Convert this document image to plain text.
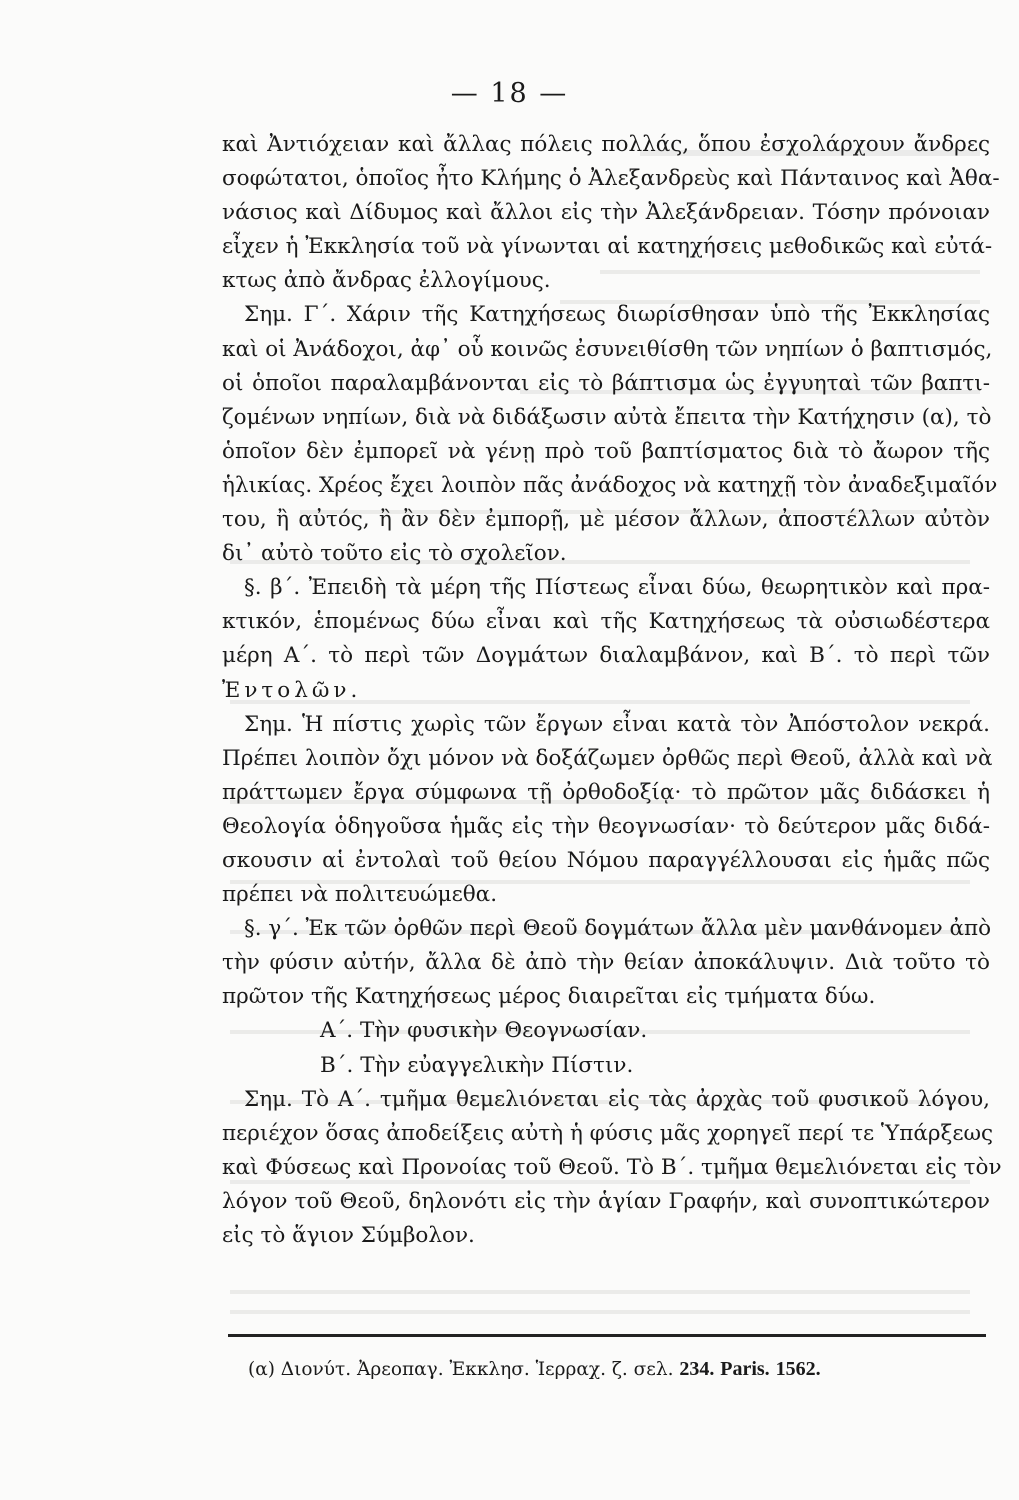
— 18 —
καὶ Ἀντιόχειαν καὶ ἄλλας πόλεις πολλάς, ὅπου ἐσχολάρχουν ἄνδρες
σοφώτατοι, ὁποῖος ἦτο Κλήμης ὁ Ἀλεξανδρεὺς καὶ Πάνταινος καὶ Ἀθα-
νάσιος καὶ Δίδυμος καὶ ἄλλοι εἰς τὴν Ἀλεξάνδρειαν. Τόσην πρόνοιαν
εἶχεν ἡ Ἐκκλησία τοῦ νὰ γίνωνται αἱ κατηχήσεις μεθοδικῶς καὶ εὐτά-
κτως ἀπὸ ἄνδρας ἐλλογίμους.
Σημ. Γ΄. Χάριν τῆς Κατηχήσεως διωρίσθησαν ὑπὸ τῆς Ἐκκλησίας
καὶ οἱ Ἀνάδοχοι, ἀφ᾽ οὗ κοινῶς ἐσυνειθίσθη τῶν νηπίων ὁ βαπτισμός,
οἱ ὁποῖοι παραλαμβάνονται εἰς τὸ βάπτισμα ὡς ἐγγυηταὶ τῶν βαπτι-
ζομένων νηπίων, διὰ νὰ διδάξωσιν αὐτὰ ἔπειτα τὴν Κατήχησιν (α), τὸ
ὁποῖον δὲν ἐμπορεῖ νὰ γένῃ πρὸ τοῦ βαπτίσματος διὰ τὸ ἄωρον τῆς
ἡλικίας. Χρέος ἔχει λοιπὸν πᾶς ἀνάδοχος νὰ κατηχῇ τὸν ἀναδεξιμαῖόν
του, ἢ αὐτός, ἢ ἂν δὲν ἐμπορῇ, μὲ μέσον ἄλλων, ἀποστέλλων αὐτὸν
δι᾽ αὐτὸ τοῦτο εἰς τὸ σχολεῖον.
§. β΄. Ἐπειδὴ τὰ μέρη τῆς Πίστεως εἶναι δύω, θεωρητικὸν καὶ πρα-
κτικόν, ἑπομένως δύω εἶναι καὶ τῆς Κατηχήσεως τὰ οὐσιωδέστερα
μέρη Α΄. τὸ περὶ τῶν Δογμάτων διαλαμβάνον, καὶ Β΄. τὸ περὶ τῶν
Ἐντολῶν.
Σημ. Ἡ πίστις χωρὶς τῶν ἔργων εἶναι κατὰ τὸν Ἀπόστολον νεκρά.
Πρέπει λοιπὸν ὄχι μόνον νὰ δοξάζωμεν ὀρθῶς περὶ Θεοῦ, ἀλλὰ καὶ νὰ
πράττωμεν ἔργα σύμφωνα τῇ ὀρθοδοξίᾳ· τὸ πρῶτον μᾶς διδάσκει ἡ
Θεολογία ὁδηγοῦσα ἡμᾶς εἰς τὴν θεογνωσίαν· τὸ δεύτερον μᾶς διδά-
σκουσιν αἱ ἐντολαὶ τοῦ θείου Νόμου παραγγέλλουσαι εἰς ἡμᾶς πῶς
πρέπει νὰ πολιτευώμεθα.
§. γ΄. Ἐκ τῶν ὀρθῶν περὶ Θεοῦ δογμάτων ἄλλα μὲν μανθάνομεν ἀπὸ
τὴν φύσιν αὐτήν, ἄλλα δὲ ἀπὸ τὴν θείαν ἀποκάλυψιν. Διὰ τοῦτο τὸ
πρῶτον τῆς Κατηχήσεως μέρος διαιρεῖται εἰς τμήματα δύω.
Α΄. Τὴν φυσικὴν Θεογνωσίαν.
Β΄. Τὴν εὐαγγελικὴν Πίστιν.
Σημ. Τὸ Α΄. τμῆμα θεμελιόνεται εἰς τὰς ἀρχὰς τοῦ φυσικοῦ λόγου,
περιέχον ὅσας ἀποδείξεις αὐτὴ ἡ φύσις μᾶς χορηγεῖ περί τε Ὑπάρξεως
καὶ Φύσεως καὶ Προνοίας τοῦ Θεοῦ. Τὸ Β΄. τμῆμα θεμελιόνεται εἰς τὸν
λόγον τοῦ Θεοῦ, δηλονότι εἰς τὴν ἁγίαν Γραφήν, καὶ συνοπτικώτερον
εἰς τὸ ἅγιον Σύμβολον.
(α) Διονύτ. Ἀρεοπαγ. Ἐκκλησ. Ἱερραχ. ζ. σελ. 234. Paris. 1562.
